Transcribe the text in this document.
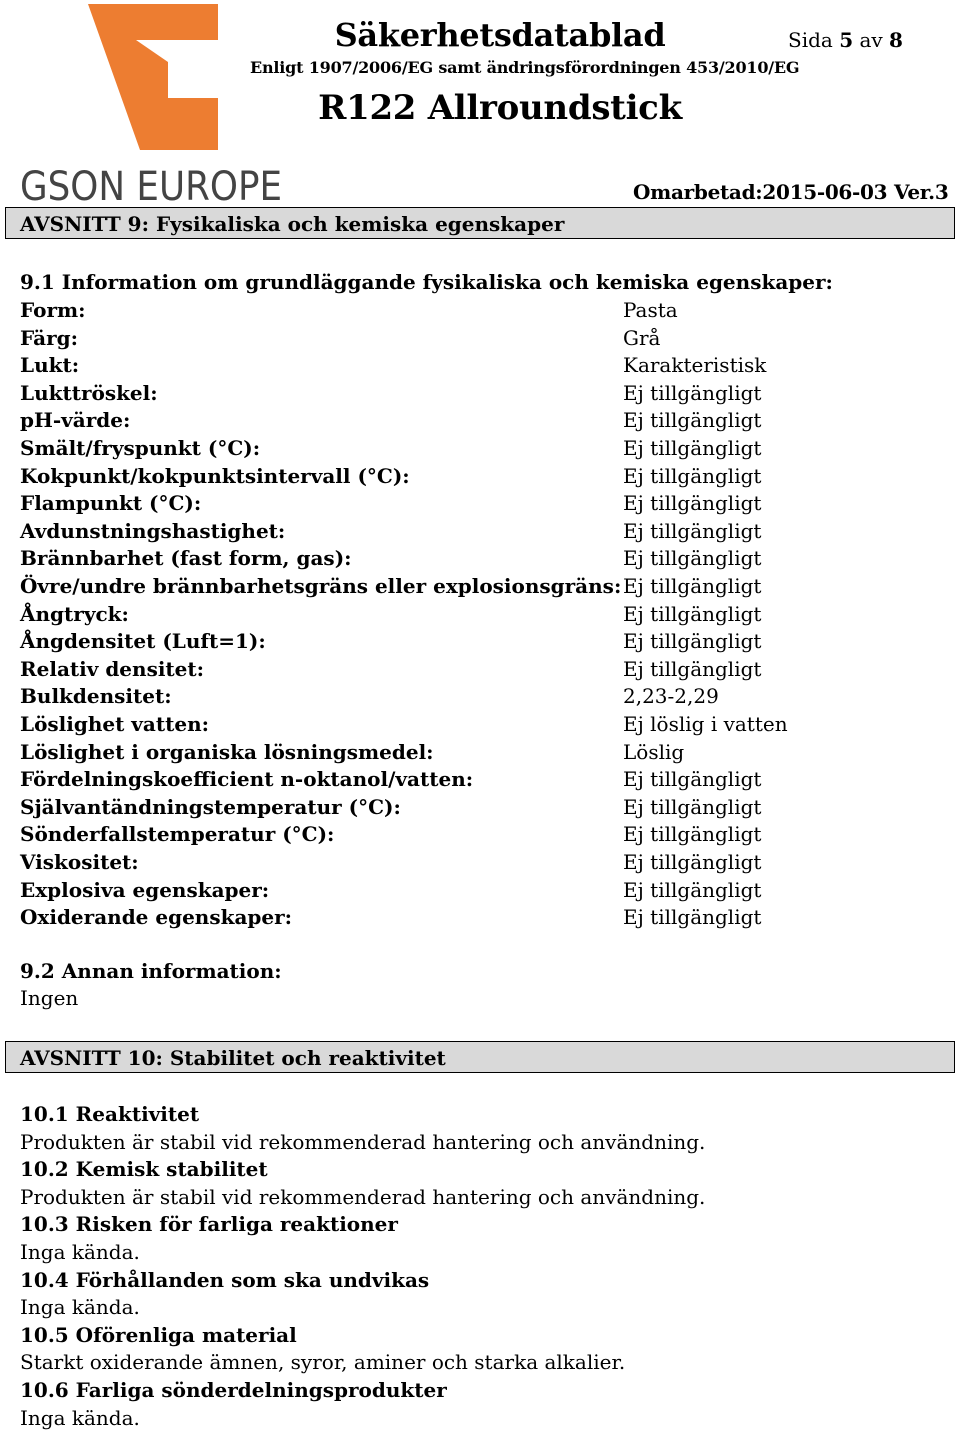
GSON EUROPE
Säkerhetsdatablad
Enligt 1907/2006/EG samt ändringsförordningen 453/2010/EG
R122 Allroundstick
Sida 5 av 8
Omarbetad:2015-06-03 Ver.3
AVSNITT 9: Fysikaliska och kemiska egenskaper
9.1 Information om grundläggande fysikaliska och kemiska egenskaper:
Form:	Pasta
Färg:	Grå
Lukt:	Karakteristisk
Lukttröskel:	Ej tillgängligt
pH-värde:	Ej tillgängligt
Smält/fryspunkt (°C):	Ej tillgängligt
Kokpunkt/kokpunktsintervall (°C):	Ej tillgängligt
Flampunkt (°C):	Ej tillgängligt
Avdunstningshastighet:	Ej tillgängligt
Brännbarhet (fast form, gas):	Ej tillgängligt
Övre/undre brännbarhetsgräns eller explosionsgräns: Ej tillgängligt
Ångtryck:	Ej tillgängligt
Ångdensitet (Luft=1):	Ej tillgängligt
Relativ densitet:	Ej tillgängligt
Bulkdensitet:	2,23-2,29
Löslighet vatten:	Ej löslig i vatten
Löslighet i organiska lösningsmedel:	Löslig
Fördelningskoefficient n-oktanol/vatten:	Ej tillgängligt
Självantändningstemperatur (°C):	Ej tillgängligt
Sönderfallstemperatur (°C):	Ej tillgängligt
Viskositet:	Ej tillgängligt
Explosiva egenskaper:	Ej tillgängligt
Oxiderande egenskaper:	Ej tillgängligt
9.2 Annan information:
Ingen
AVSNITT 10: Stabilitet och reaktivitet
10.1 Reaktivitet
Produkten är stabil vid rekommenderad hantering och användning.
10.2 Kemisk stabilitet
Produkten är stabil vid rekommenderad hantering och användning.
10.3 Risken för farliga reaktioner
Inga kända.
10.4 Förhållanden som ska undvikas
Inga kända.
10.5 Oförenliga material
Starkt oxiderande ämnen, syror, aminer och starka alkalier.
10.6 Farliga sönderdelningsprodukter
Inga kända.
